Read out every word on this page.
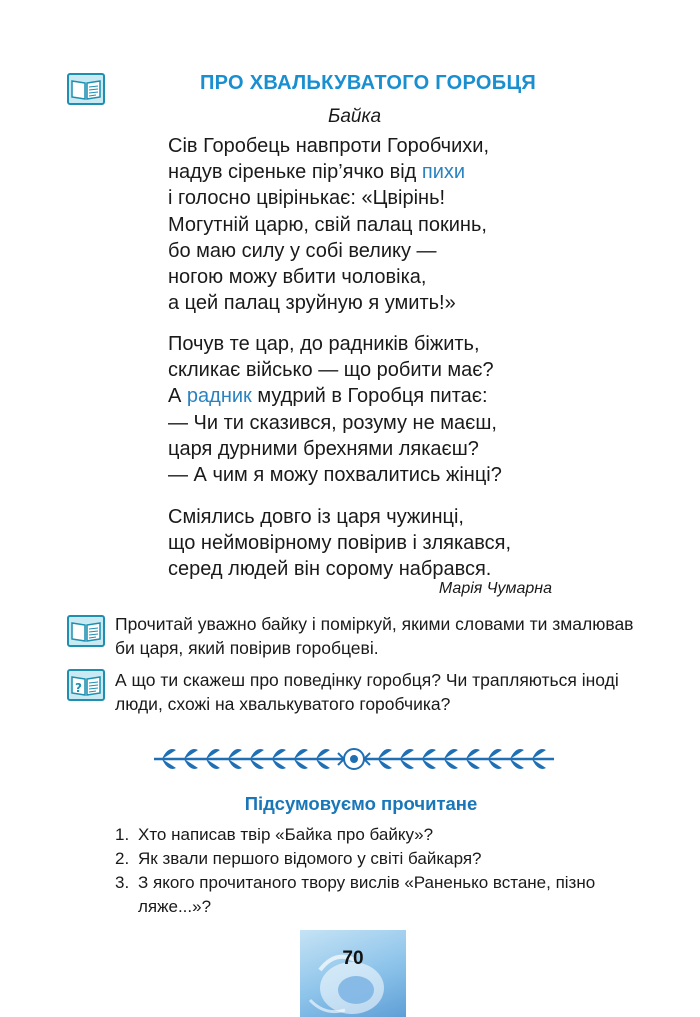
ПРО ХВАЛЬКУВАТОГО ГОРОБЦЯ
Байка
Сів Горобець навпроти Горобчихи,
надув сіреньке пір’ячко від пихи
і голосно цвірінькає: «Цвірінь!
Могутній царю, свій палац покинь,
бо маю силу у собі велику —
ногою можу вбити чоловіка,
а цей палац зруйную я умить!»
Почув те цар, до радників біжить,
скликає військо — що робити має?
А радник мудрий в Горобця питає:
— Чи ти сказився, розуму не маєш,
царя дурними брехнями лякаєш?
— А чим я можу похвалитись жінці?
Сміялись довго із царя чужинці,
що неймовірному повірив і злякався,
серед людей він сорому набрався.
Марія Чумарна
Прочитай уважно байку і поміркуй, якими словами ти змалював би царя, який повірив горобцеві.
? А що ти скажеш про поведінку горобця? Чи трапляються іноді люди, схожі на хвалькуватого горобчика?
Підсумовуємо прочитане
1. Хто написав твір «Байка про байку»?
2. Як звали першого відомого у світі байкаря?
3. З якого прочитаного твору вислів «Раненько встане, пізно ляже...»?
70
